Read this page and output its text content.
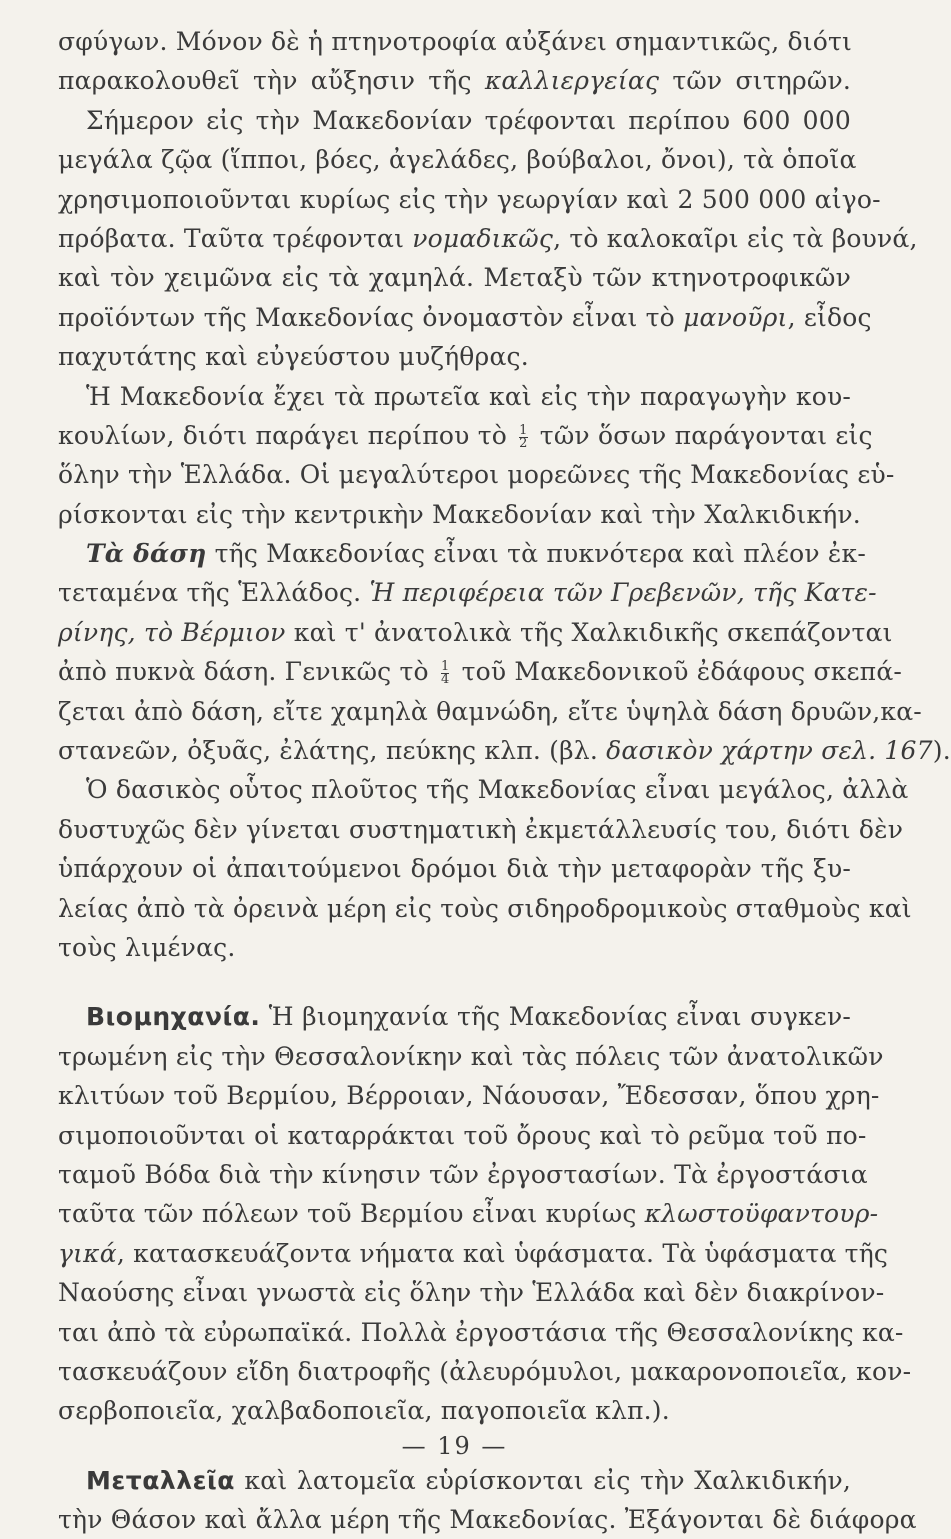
σφύγων. Μόνον δὲ ἡ πτηνοτροφία αὐξάνει σημαντικῶς, διότι
παρακολουθεῖ τὴν αὔξησιν τῆς καλλιεργείας τῶν σιτηρῶν.
Σήμερον εἰς τὴν Μακεδονίαν τρέφονται περίπου 600 000
μεγάλα ζῷα (ἵπποι, βόες, ἀγελάδες, βούβαλοι, ὄνοι), τὰ ὁποῖα
χρησιμοποιοῦνται κυρίως εἰς τὴν γεωργίαν καὶ 2 500 000 αἰγο-
πρόβατα. Ταῦτα τρέφονται νομαδικῶς, τὸ καλοκαῖρι εἰς τὰ βουνά,
καὶ τὸν χειμῶνα εἰς τὰ χαμηλά. Μεταξὺ τῶν κτηνοτροφικῶν
προϊόντων τῆς Μακεδονίας ὀνομαστὸν εἶναι τὸ μανοῦρι, εἶδος
παχυτάτης καὶ εὐγεύστου μυζήθρας.
Ἡ Μακεδονία ἔχει τὰ πρωτεῖα καὶ εἰς τὴν παραγωγὴν κου-
κουλίων, διότι παράγει περίπου τὸ $\frac{1}{2}$ τῶν ὅσων παράγονται εἰς
ὅλην τὴν Ἑλλάδα. Οἱ μεγαλύτεροι μορεῶνες τῆς Μακεδονίας εὑ-
ρίσκονται εἰς τὴν κεντρικὴν Μακεδονίαν καὶ τὴν Χαλκιδικήν.
Τὰ δάση τῆς Μακεδονίας εἶναι τὰ πυκνότερα καὶ πλέον ἐκ-
τεταμένα τῆς Ἑλλάδος. Ἡ περιφέρεια τῶν Γρεβενῶν, τῆς Κατε-
ρίνης, τὸ Βέρμιον καὶ τ' ἀνατολικὰ τῆς Χαλκιδικῆς σκεπάζονται
ἀπὸ πυκνὰ δάση. Γενικῶς τὸ $\frac{1}{4}$ τοῦ Μακεδονικοῦ ἐδάφους σκεπά-
ζεται ἀπὸ δάση, εἴτε χαμηλὰ θαμνώδη, εἴτε ὑψηλὰ δάση δρυῶν,κα-
στανεῶν, ὀξυᾶς, ἐλάτης, πεύκης κλπ. (βλ. δασικὸν χάρτην σελ. 167).
Ὁ δασικὸς οὗτος πλοῦτος τῆς Μακεδονίας εἶναι μεγάλος, ἀλλὰ
δυστυχῶς δὲν γίνεται συστηματικὴ ἐκμετάλλευσίς του, διότι δὲν
ὑπάρχουν οἱ ἀπαιτούμενοι δρόμοι διὰ τὴν μεταφορὰν τῆς ξυ-
λείας ἀπὸ τὰ ὀρεινὰ μέρη εἰς τοὺς σιδηροδρομικοὺς σταθμοὺς καὶ
τοὺς λιμένας.
Βιομηχανία. Ἡ βιομηχανία τῆς Μακεδονίας εἶναι συγκεν-
τρωμένη εἰς τὴν Θεσσαλονίκην καὶ τὰς πόλεις τῶν ἀνατολικῶν
κλιτύων τοῦ Βερμίου, Βέρροιαν, Νάουσαν, Ἔδεσσαν, ὅπου χρη-
σιμοποιοῦνται οἱ καταρράκται τοῦ ὄρους καὶ τὸ ρεῦμα τοῦ πο-
ταμοῦ Βόδα διὰ τὴν κίνησιν τῶν ἐργοστασίων. Τὰ ἐργοστάσια
ταῦτα τῶν πόλεων τοῦ Βερμίου εἶναι κυρίως κλωστοϋφαντουρ-
γικά, κατασκευάζοντα νήματα καὶ ὑφάσματα. Τὰ ὑφάσματα τῆς
Ναούσης εἶναι γνωστὰ εἰς ὅλην τὴν Ἑλλάδα καὶ δὲν διακρίνον-
ται ἀπὸ τὰ εὐρωπαϊκά. Πολλὰ ἐργοστάσια τῆς Θεσσαλονίκης κα-
τασκευάζουν εἴδη διατροφῆς (ἀλευρόμυλοι, μακαρονοποιεῖα, κον-
σερβοποιεῖα, χαλβαδοποιεῖα, παγοποιεῖα κλπ.).
Μεταλλεῖα καὶ λατομεῖα εὑρίσκονται εἰς τὴν Χαλκιδικήν,
τὴν Θάσον καὶ ἄλλα μέρη τῆς Μακεδονίας. Ἐξάγονται δὲ διάφορα
— 19 —
